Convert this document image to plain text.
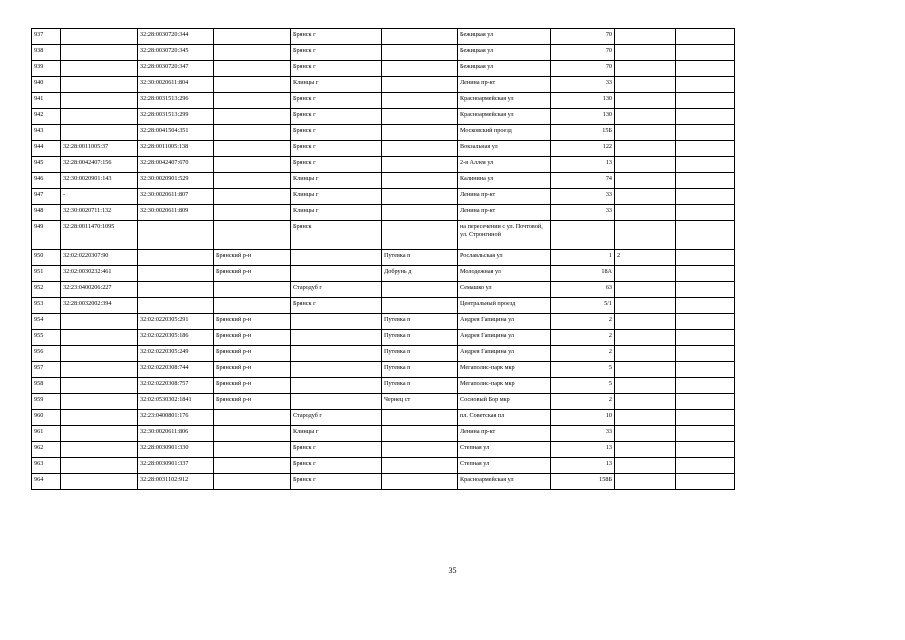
937		32:28:0030720:344		Брянск г		Бежицкая ул	70		
938		32:28:0030720:345		Брянск г		Бежицкая ул	70		
939		32:28:0030720:347		Брянск г		Бежицкая ул	70		
940		32:30:0020611:804		Клинцы г		Ленина пр-кт	33		
941		32:28:0031513:296		Брянск г		Красноармейская ул	130		
942		32:28:0031513:299		Брянск г		Красноармейская ул	130		
943		32:28:0041504:351		Брянск г		Московский проезд	15Б		
944	32:28:0011005:37	32:28:0011005:138		Брянск г		Вокзальная ул	122		
945	32:28:0042407:156	32:28:0042407:670		Брянск г		2-я Аллея ул	13		
946	32:30:0020901:143	32:30:0020901:529		Клинцы г		Калинина ул	74		
947	-	32:30:0020611:807		Клинцы г		Ленина пр-кт	33		
948	32:30:0020711:132	32:30:0020611:809		Клинцы г		Ленина пр-кт	33		
949	32:28:0011470:1095			Брянск		на пересечении с ул. Почтовой, ул. Стронгиной			
950	32:02:0220307:90		Брянский р-н		Путевка п	Рославльская ул	1	2	
951	32:02:0030232:461		Брянский р-н		Добрунь д	Молодежная ул	18А		
952	32:23:0400206:227			Стародуб г		Семашко ул	63		
953	32:28:0032002:394			Брянск г		Центральный проезд	5/1		
954		32:02:0220305:291	Брянский р-н		Путевка п	Андрея Гапицина ул	2		
955		32:02:0220305:186	Брянский р-н		Путевка п	Андрея Гапицина ул	2		
956		32:02:0220305:249	Брянский р-н		Путевка п	Андрея Гапицина ул	2		
957		32:02:0220308:744	Брянский р-н		Путевка п	Мегаполис-парк мкр	5		
958		32:02:0220308:757	Брянский р-н		Путевка п	Мегаполис-парк мкр	5		
959		32:02:0530302:1841	Брянский р-н		Чернец ст	Сосновый Бор мкр	2		
960		32:23:0400801:176		Стародуб г		пл. Советская пл	10		
961		32:30:0020611:806		Клинцы г		Ленина пр-кт	33		
962		32:28:0030901:330		Брянск г		Степная ул	13		
963		32:28:0030901:337		Брянск г		Степная ул	13		
964		32:28:0031102:912		Брянск г		Красноармейская ул	158Б		
35
